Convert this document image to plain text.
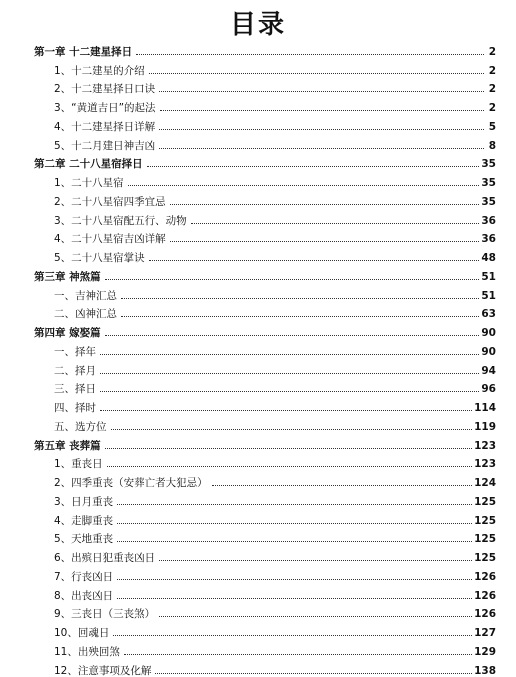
目录
第一章 十二建星择日	2
1、十二建星的介绍	2
2、十二建星择日口诀	2
3、“黄道吉日”的起法	2
4、十二建星择日详解	5
5、十二月建日神吉凶	8
第二章 二十八星宿择日	35
1、二十八星宿	35
2、二十八星宿四季宜忌	35
3、二十八星宿配五行、动物	36
4、二十八星宿吉凶详解	36
5、二十八星宿掌诀	48
第三章 神煞篇	51
一、吉神汇总	51
二、凶神汇总	63
第四章 嫁娶篇	90
一、择年	90
二、择月	94
三、择日	96
四、择时	114
五、选方位	119
第五章 丧葬篇	123
1、重丧日	123
2、四季重丧（安葬亡者大犯忌）	124
3、日月重丧	125
4、走脚重丧	125
5、天地重丧	125
6、出殡日犯重丧凶日	125
7、行丧凶日	126
8、出丧凶日	126
9、三丧日（三丧煞）	126
10、回魂日	127
11、出殃回煞	129
12、注意事项及化解	138
